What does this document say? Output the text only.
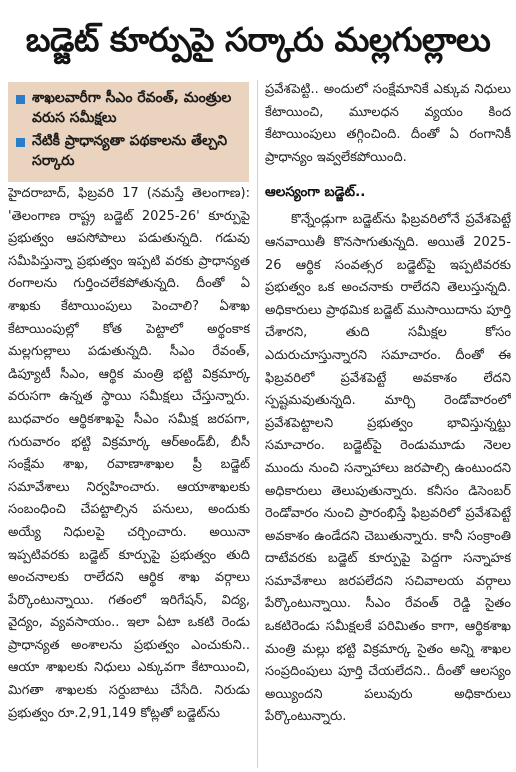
బడ్జెట్ కూర్పుపై సర్కారు మల్లగుల్లాలు
శాఖలవారీగా సీఎం రేవంత్, మంత్రుల వరుస సమీక్షలు
నేటికీ ప్రాధాన్యతా పథకాలను తేల్చని సర్కారు

హైదరాబాద్, ఫిబ్రవరి 17 (నమస్తే తెలంగాణ): 'తెలంగాణ రాష్ట్ర బడ్జెట్ 2025-26' కూర్పుపై ప్రభుత్వం ఆపసోపాలు పడుతున్నది. గడువు సమీపిస్తున్నా ప్రభుత్వం ఇప్పటి వరకు ప్రాధాన్యత రంగాలను గుర్తించలేకపోతున్నది. దీంతో ఏ శాఖకు కేటాయింపులు పెంచాలి? ఏశాఖ కేటాయింపుల్లో కోత పెట్టాలో అర్థంకాక మల్లగుల్లాలు పడుతున్నది. సీఎం రేవంత్, డిప్యూటీ సీఎం, ఆర్థిక మంత్రి భట్టి విక్రమార్క వరుసగా ఉన్నత స్థాయి సమీక్షలు చేస్తున్నారు. బుధవారం ఆర్థికశాఖపై సీఎం సమీక్ష జరపగా, గురువారం భట్టి విక్రమార్క ఆర్‌అండ్‌బీ, బీసీ సంక్షేమ శాఖ, రవాణాశాఖల ప్రీ బడ్జెట్ సమావేశాలు నిర్వహించారు. ఆయాశాఖలకు సంబంధించి చేపట్టాల్సిన పనులు, అందుకు అయ్యే నిధులపై చర్చించారు. అయినా ఇప్పటివరకు బడ్జెట్ కూర్పుపై ప్రభుత్వం తుది అంచనాలకు రాలేదని ఆర్థిక శాఖ వర్గాలు పేర్కొంటున్నాయి. గతంలో ఇరిగేషన్, విద్య, వైద్యం, వ్యవసాయం.. ఇలా ఏటా ఒకటి రెండు ప్రాధాన్యత అంశాలను ప్రభుత్వం ఎంచుకుని.. ఆయా శాఖలకు నిధులు ఎక్కువగా కేటాయించి, మిగతా శాఖలకు సర్దుబాటు చేసేది. నిరుడు ప్రభుత్వం రూ.2,91,149 కోట్లతో బడ్జెట్‌ను

ప్రవేశపెట్టి.. అందులో సంక్షేమానికే ఎక్కువ నిధులు కేటాయించి, మూలధన వ్యయం కింద కేటాయింపులు తగ్గించింది. దీంతో ఏ రంగానికీ ప్రాధాన్యం ఇవ్వలేకపోయింది.

ఆలస్యంగా బడ్జెట్..

కొన్నేండ్లుగా బడ్జెట్‌ను ఫిబ్రవరిలోనే ప్రవేశపెట్టే ఆనవాయితీ కొనసాగుతున్నది. అయితే 2025-26 ఆర్థిక సంవత్సర బడ్జెట్‌పై ఇప్పటివరకు ప్రభుత్వం ఒక అంచనాకు రాలేదని తెలుస్తున్నది. అధికారులు ప్రాథమిక బడ్జెట్ ముసాయిదాను పూర్తి చేశారని, తుది సమీక్షల కోసం ఎదురుచూస్తున్నారని సమాచారం. దీంతో ఈ ఫిబ్రవరిలో ప్రవేశపెట్టే అవకాశం లేదని స్పష్టమవుతున్నది. మార్చి రెండోవారంలో ప్రవేశపెట్టాలని ప్రభుత్వం భావిస్తున్నట్టు సమాచారం. బడ్జెట్‌పై రెండుమూడు నెలల ముందు నుంచి సన్నాహాలు జరపాల్సి ఉంటుందని అధికారులు తెలుపుతున్నారు. కనీసం డిసెంబర్ రెండోవారం నుంచి ప్రారంభిస్తే ఫిబ్రవరిలో ప్రవేశపెట్టే అవకాశం ఉండేదని చెబుతున్నారు. కానీ సంక్రాంతి దాటేవరకు బడ్జెట్ కూర్పుపై పెద్దగా సన్నాహక సమావేశాలు జరపలేదని సచివాలయ వర్గాలు పేర్కొంటున్నాయి. సీఎం రేవంత్ రెడ్డి సైతం ఒకటిరెండు సమీక్షలకే పరిమితం కాగా, ఆర్థికశాఖ మంత్రి మల్లు భట్టి విక్రమార్క సైతం అన్ని శాఖల సంప్రదింపులు పూర్తి చేయలేదని.. దీంతో ఆలస్యం అయ్యిందని పలువురు అధికారులు పేర్కొంటున్నారు.
